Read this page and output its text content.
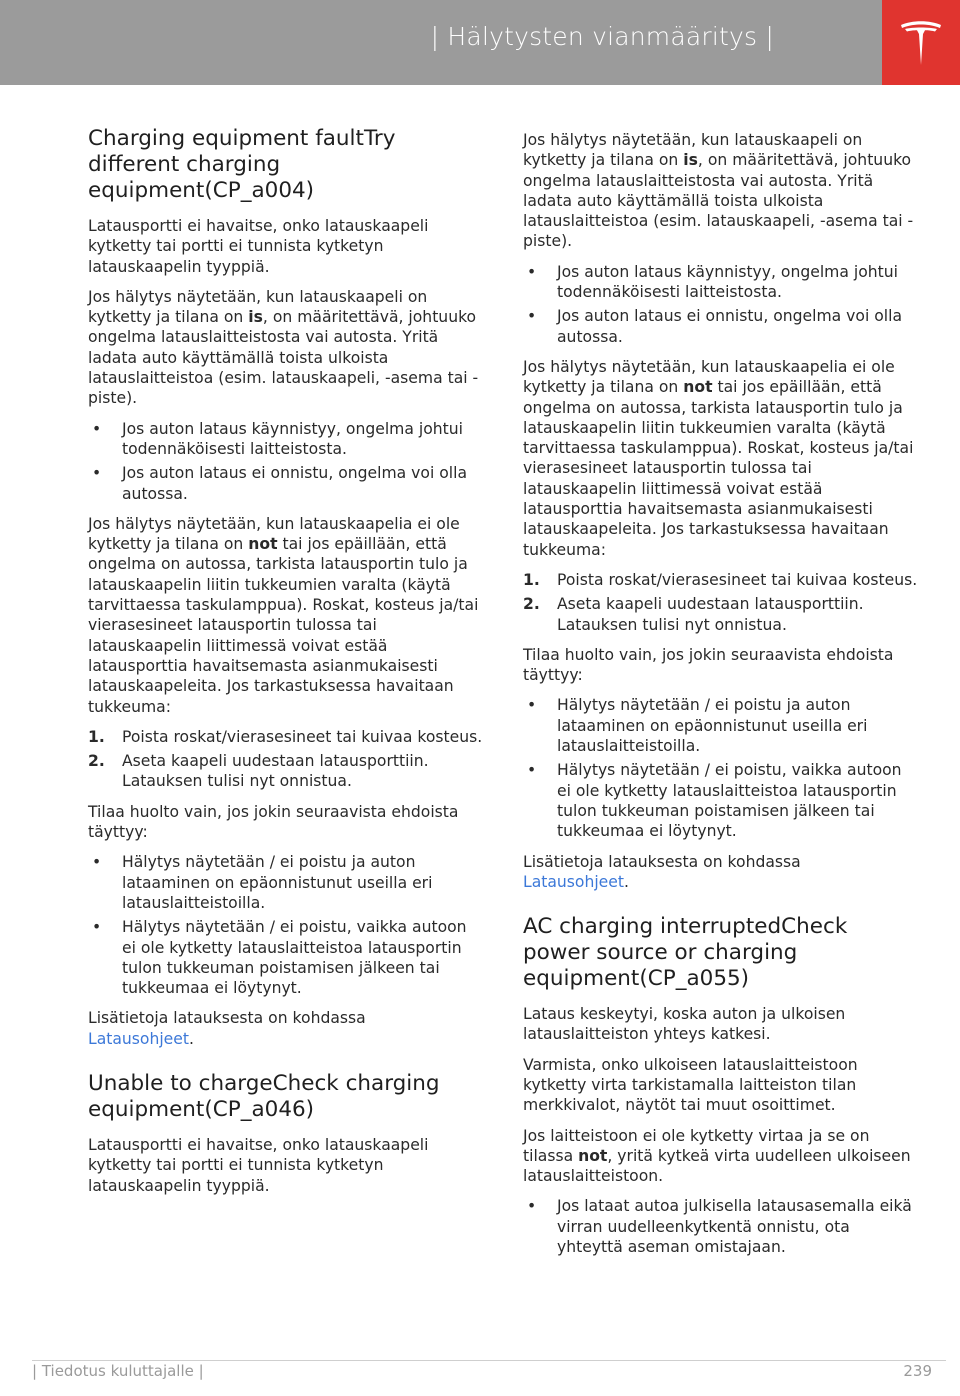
| Hälytysten vianmääritys |
Charging equipment faultTry different charging equipment(CP_a004)

Latausportti ei havaitse, onko latauskaapeli kytketty tai portti ei tunnista kytketyn latauskaapelin tyyppiä.

Jos hälytys näytetään, kun latauskaapeli on kytketty ja tilana on is, on määritettävä, johtuuko ongelma latauslaitteistosta vai autosta. Yritä ladata auto käyttämällä toista ulkoista latauslaitteistoa (esim. latauskaapeli, -asema tai -piste).

•	Jos auton lataus käynnistyy, ongelma johtui todennäköisesti laitteistosta.
•	Jos auton lataus ei onnistu, ongelma voi olla autossa.

Jos hälytys näytetään, kun latauskaapelia ei ole kytketty ja tilana on not tai jos epäillään, että ongelma on autossa, tarkista latausportin tulo ja latauskaapelin liitin tukkeumien varalta (käytä tarvittaessa taskulamppua). Roskat, kosteus ja/tai vierasesineet latausportin tulossa tai latauskaapelin liittimessä voivat estää latausporttia havaitsemasta asianmukaisesti latauskaapeleita. Jos tarkastuksessa havaitaan tukkeuma:

1.	Poista roskat/vierasesineet tai kuivaa kosteus.
2.	Aseta kaapeli uudestaan latausporttiin. Latauksen tulisi nyt onnistua.

Tilaa huolto vain, jos jokin seuraavista ehdoista täyttyy:

•	Hälytys näytetään / ei poistu ja auton lataaminen on epäonnistunut useilla eri latauslaitteistoilla.
•	Hälytys näytetään / ei poistu, vaikka autoon ei ole kytketty latauslaitteistoa latausportin tulon tukkeuman poistamisen jälkeen tai tukkeumaa ei löytynyt.

Lisätietoja latauksesta on kohdassa
Latausohjeet.

Unable to chargeCheck charging equipment(CP_a046)

Latausportti ei havaitse, onko latauskaapeli kytketty tai portti ei tunnista kytketyn latauskaapelin tyyppiä.

Jos hälytys näytetään, kun latauskaapeli on kytketty ja tilana on is, on määritettävä, johtuuko ongelma latauslaitteistosta vai autosta. Yritä ladata auto käyttämällä toista ulkoista latauslaitteistoa (esim. latauskaapeli, -asema tai -piste).

•	Jos auton lataus käynnistyy, ongelma johtui todennäköisesti laitteistosta.
•	Jos auton lataus ei onnistu, ongelma voi olla autossa.

Jos hälytys näytetään, kun latauskaapelia ei ole kytketty ja tilana on not tai jos epäillään, että ongelma on autossa, tarkista latausportin tulo ja latauskaapelin liitin tukkeumien varalta (käytä tarvittaessa taskulamppua). Roskat, kosteus ja/tai vierasesineet latausportin tulossa tai latauskaapelin liittimessä voivat estää latausporttia havaitsemasta asianmukaisesti latauskaapeleita. Jos tarkastuksessa havaitaan tukkeuma:

1.	Poista roskat/vierasesineet tai kuivaa kosteus.
2.	Aseta kaapeli uudestaan latausporttiin. Latauksen tulisi nyt onnistua.

Tilaa huolto vain, jos jokin seuraavista ehdoista täyttyy:

•	Hälytys näytetään / ei poistu ja auton lataaminen on epäonnistunut useilla eri latauslaitteistoilla.
•	Hälytys näytetään / ei poistu, vaikka autoon ei ole kytketty latauslaitteistoa latausportin tulon tukkeuman poistamisen jälkeen tai tukkeumaa ei löytynyt.

Lisätietoja latauksesta on kohdassa
Latausohjeet.

AC charging interruptedCheck power source or charging equipment(CP_a055)

Lataus keskeytyi, koska auton ja ulkoisen latauslaitteiston yhteys katkesi.

Varmista, onko ulkoiseen latauslaitteistoon kytketty virta tarkistamalla laitteiston tilan merkkivalot, näytöt tai muut osoittimet.

Jos laitteistoon ei ole kytketty virtaa ja se on tilassa not, yritä kytkeä virta uudelleen ulkoiseen latauslaitteistoon.

•	Jos lataat autoa julkisella latausasemalla eikä virran uudelleenkytkentä onnistu, ota yhteyttä aseman omistajaan.
| Tiedotus kuluttajalle |	239
